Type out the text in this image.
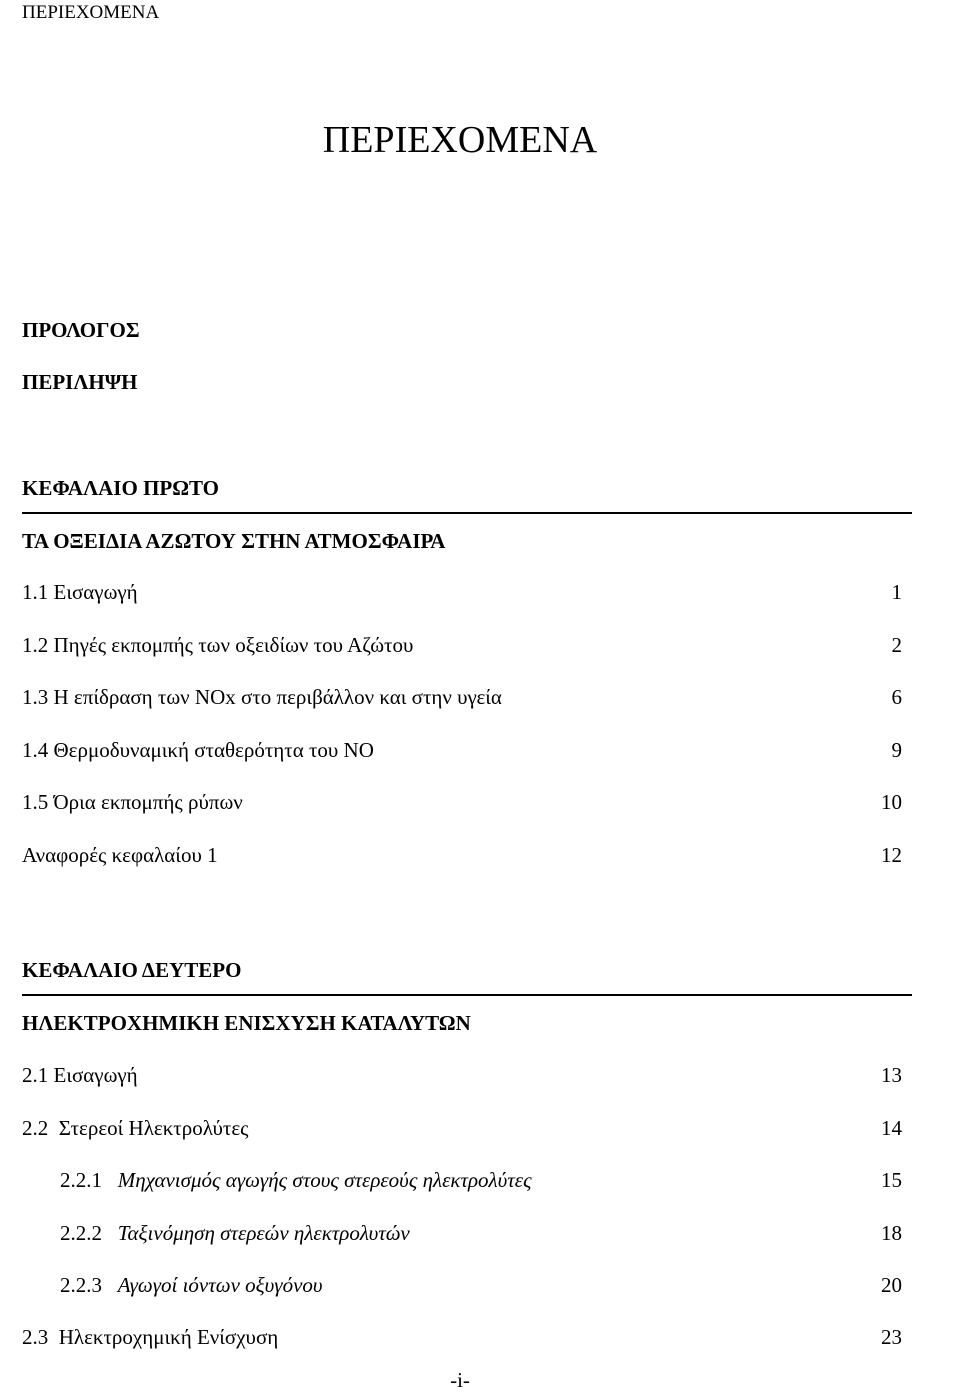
ΠΕΡΙΕΧΟΜΕΝΑ
ΠΕΡΙΕΧΟΜΕΝΑ
ΠΡΟΛΟΓΟΣ
ΠΕΡΙΛΗΨΗ
ΚΕΦΑΛΑΙΟ ΠΡΩΤΟ
ΤΑ ΟΞΕΙΔΙΑ ΑΖΩΤΟΥ ΣΤΗΝ ΑΤΜΟΣΦΑΙΡΑ
1.1 Εισαγωγή	1
1.2 Πηγές εκπομπής των οξειδίων του Αζώτου	2
1.3 Η επίδραση των NOx στο περιβάλλον και στην υγεία	6
1.4 Θερμοδυναμική σταθερότητα του NO	9
1.5 Όρια εκπομπής ρύπων	10
Αναφορές κεφαλαίου 1	12
ΚΕΦΑΛΑΙΟ ΔΕΥΤΕΡΟ
ΗΛΕΚΤΡΟΧΗΜΙΚΗ ΕΝΙΣΧΥΣΗ ΚΑΤΑΛΥΤΩΝ
2.1 Εισαγωγή	13
2.2 Στερεοί Ηλεκτρολύτες	14
2.2.1 Μηχανισμός αγωγής στους στερεούς ηλεκτρολύτες	15
2.2.2 Ταξινόμηση στερεών ηλεκτρολυτών	18
2.2.3 Αγωγοί ιόντων οξυγόνου	20
2.3 Ηλεκτροχημική Ενίσχυση	23
-i-
